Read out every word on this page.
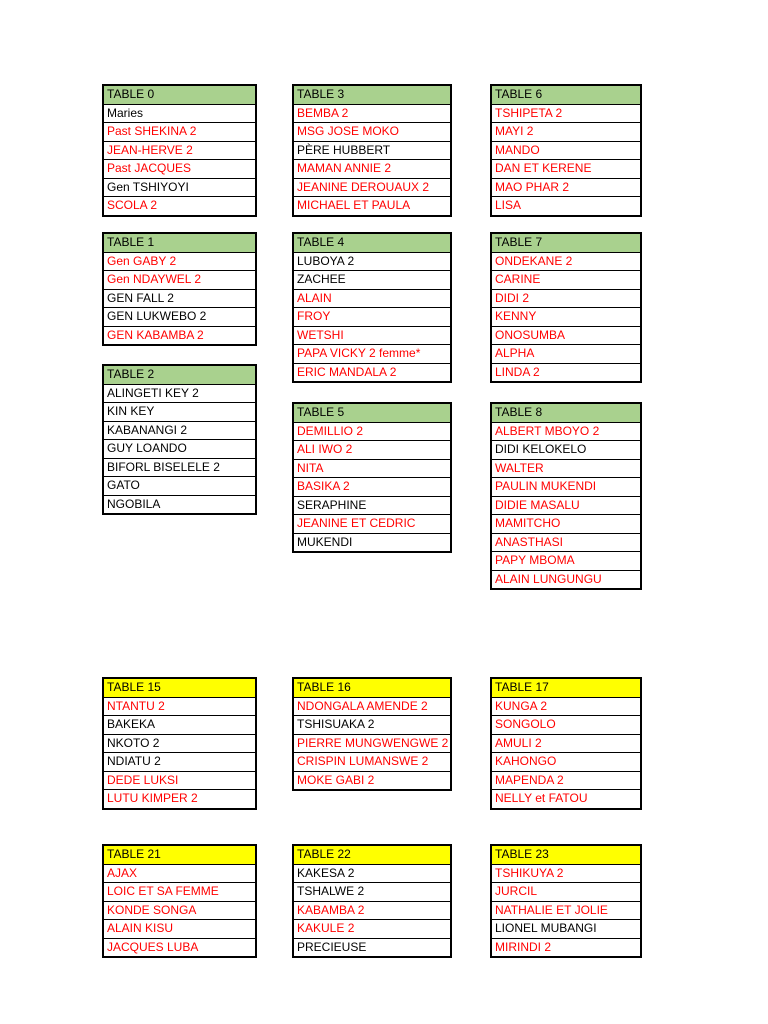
TABLE 0
Maries
Past SHEKINA 2
JEAN-HERVE 2
Past JACQUES
Gen TSHIYOYI
SCOLA 2
TABLE 3
BEMBA 2
MSG JOSE MOKO
PÈRE HUBBERT
MAMAN ANNIE 2
JEANINE DEROUAUX 2
MICHAEL ET PAULA
TABLE 6
TSHIPETA 2
MAYI 2
MANDO
DAN ET KERENE
MAO PHAR 2
LISA
TABLE 1
Gen GABY 2
Gen NDAYWEL 2
GEN FALL 2
GEN LUKWEBO 2
GEN KABAMBA 2
TABLE 4
LUBOYA 2
ZACHEE
ALAIN
FROY
WETSHI
PAPA VICKY 2 femme*
ERIC MANDALA 2
TABLE 7
ONDEKANE 2
CARINE
DIDI 2
KENNY
ONOSUMBA
ALPHA
LINDA 2
TABLE 2
ALINGETI KEY 2
KIN KEY
KABANANGI 2
GUY LOANDO
BIFORL BISELELE 2
GATO
NGOBILA
TABLE 5
DEMILLIO 2
ALI IWO 2
NITA
BASIKA 2
SERAPHINE
JEANINE ET CEDRIC
MUKENDI
TABLE 8
ALBERT MBOYO 2
DIDI KELOKELO
WALTER
PAULIN MUKENDI
DIDIE MASALU
MAMITCHO
ANASTHASI
PAPY MBOMA
ALAIN LUNGUNGU
TABLE 15
NTANTU 2
BAKEKA
NKOTO 2
NDIATU 2
DEDE LUKSI
LUTU KIMPER 2
TABLE 16
NDONGALA AMENDE 2
TSHISUAKA 2
PIERRE MUNGWENGWE 2
CRISPIN LUMANSWE 2
MOKE GABI 2
TABLE 17
KUNGA 2
SONGOLO
AMULI 2
KAHONGO
MAPENDA 2
NELLY et FATOU
TABLE 21
AJAX
LOIC ET SA FEMME
KONDE SONGA
ALAIN KISU
JACQUES LUBA
TABLE 22
KAKESA 2
TSHALWE 2
KABAMBA 2
KAKULE 2
PRECIEUSE
TABLE 23
TSHIKUYA 2
JURCIL
NATHALIE ET JOLIE
LIONEL MUBANGI
MIRINDI 2
